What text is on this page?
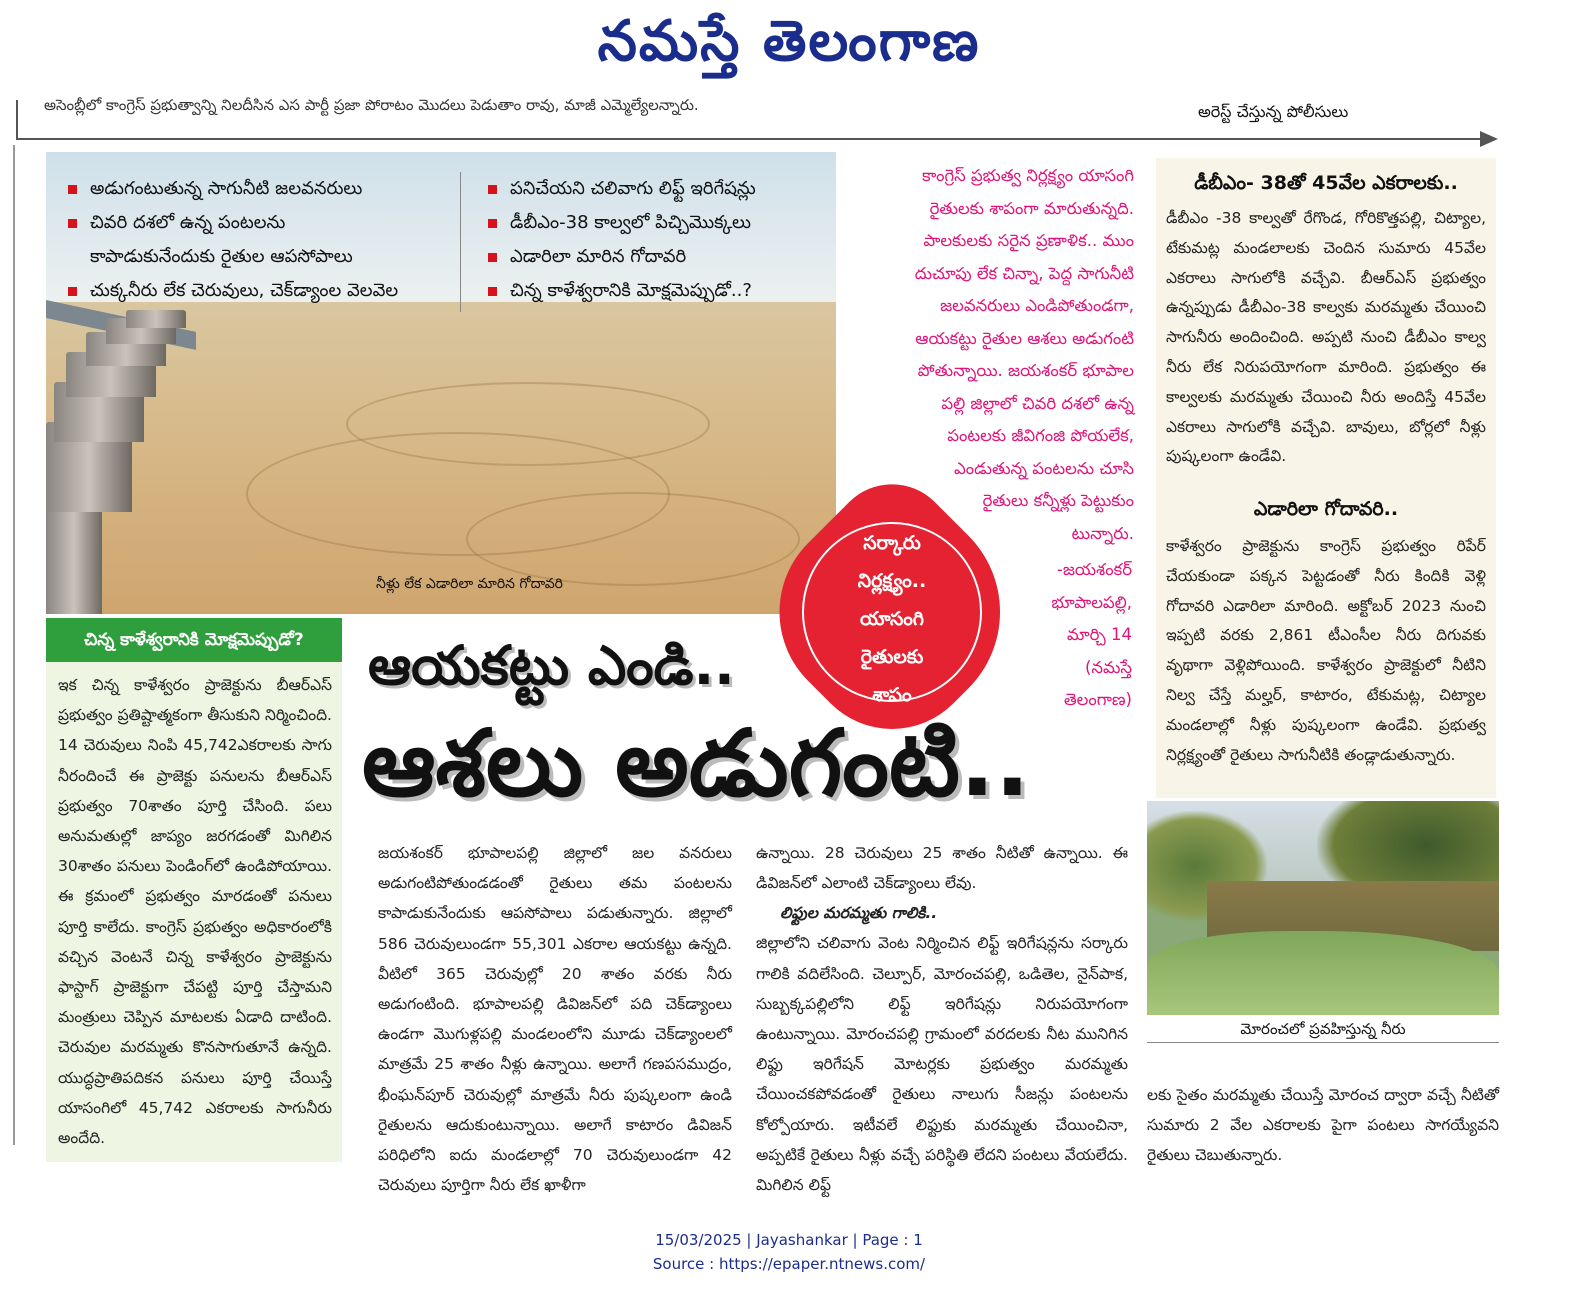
నమస్తే తెలంగాణ
అసెంబ్లీలో కాంగ్రెస్ ప్రభుత్వాన్ని నిలదీసిన ఎస పార్టీ ప్రజా పోరాటం మొదలు పెడుతాం రావు, మాజీ ఎమ్మెల్యేలన్నారు.	అరెస్ట్ చేస్తున్న పోలీసులు
అడుగంటుతున్న సాగునీటి జలవనరులు
చివరి దశలో ఉన్న పంటలను
కాపాడుకునేందుకు రైతుల ఆపసోపాలు
చుక్కనీరు లేక చెరువులు, చెక్‌డ్యాంల వెలవెల
పనిచేయని చలివాగు లిఫ్ట్ ఇరిగేషన్లు
డీబీఎం-38 కాల్వలో పిచ్చిమొక్కలు
ఎడారిలా మారిన గోదావరి
చిన్న కాళేశ్వరానికి మోక్షమెప్పుడో..?
నీళ్లు లేక ఎడారిలా మారిన గోదావరి
కాంగ్రెస్ ప్రభుత్వ నిర్లక్ష్యం యాసంగి
రైతులకు శాపంగా మారుతున్నది.
పాలకులకు సరైన ప్రణాళిక.. ముం
దుచూపు లేక చిన్నా, పెద్ద సాగునీటి
జలవనరులు ఎండిపోతుండగా,
ఆయకట్టు రైతుల ఆశలు అడుగంటి
పోతున్నాయి. జయశంకర్ భూపాల
పల్లి జిల్లాలో చివరి దశలో ఉన్న
పంటలకు జీవిగంజి పోయలేక,
ఎండుతున్న పంటలను చూసి
రైతులు కన్నీళ్లు పెట్టుకుం
టున్నారు.
-జయశంకర్
భూపాలపల్లి,
మార్చి 14
(నమస్తే
తెలంగాణ)
సర్కారు
నిర్లక్ష్యం..
యాసంగి
రైతులకు
శాపం
ఆయకట్టు ఎండి..
ఆశలు అడుగంటి..
డీబీఎం- 38తో 45వేల ఎకరాలకు..
డీబీఎం -38 కాల్వతో రేగొండ, గోరికొత్తపల్లి, చిట్యాల, టేకుమట్ల మండలాలకు చెందిన సుమారు 45వేల ఎకరాలు సాగులోకి వచ్చేవి. బీఆర్‌ఎస్ ప్రభుత్వం ఉన్నప్పుడు డీబీఎం-38 కాల్వకు మరమ్మతు చేయించి సాగునీరు అందించింది. అప్పటి నుంచి డీబీఎం కాల్వ నీరు లేక నిరుపయోగంగా మారింది. ప్రభుత్వం ఈ కాల్వలకు మరమ్మతు చేయించి నీరు అందిస్తే 45వేల ఎకరాలు సాగులోకి వచ్చేవి. బావులు, బోర్లలో నీళ్లు పుష్కలంగా ఉండేవి.
ఎడారిలా గోదావరి..
కాళేశ్వరం ప్రాజెక్టును కాంగ్రెస్ ప్రభుత్వం రిపేర్ చేయకుండా పక్కన పెట్టడంతో నీరు కిందికి వెళ్లి గోదావరి ఎడారిలా మారింది. అక్టోబర్ 2023 నుంచి ఇప్పటి వరకు 2,861 టీఎంసీల నీరు దిగువకు వృథాగా వెళ్లిపోయింది. కాళేశ్వరం ప్రాజెక్టులో నీటిని నిల్వ చేస్తే మల్హర్, కాటారం, టేకుమట్ల, చిట్యాల మండలాల్లో నీళ్లు పుష్కలంగా ఉండేవి. ప్రభుత్వ నిర్లక్ష్యంతో రైతులు సాగునీటికి తండ్లాడుతున్నారు.
చిన్న కాళేశ్వరానికి మోక్షమెప్పుడో?
ఇక చిన్న కాళేశ్వరం ప్రాజెక్టును బీఆర్‌ఎస్ ప్రభుత్వం ప్రతిష్టాత్మకంగా తీసుకుని నిర్మించింది. 14 చెరువులు నింపి 45,742ఎకరాలకు సాగు నీరందించే ఈ ప్రాజెక్టు పనులను బీఆర్‌ఎస్ ప్రభుత్వం 70శాతం పూర్తి చేసింది. పలు అనుమతుల్లో జాప్యం జరగడంతో మిగిలిన 30శాతం పనులు పెండింగ్‌లో ఉండిపోయాయి. ఈ క్రమంలో ప్రభుత్వం మారడంతో పనులు పూర్తి కాలేదు. కాంగ్రెస్ ప్రభుత్వం అధికారంలోకి వచ్చిన వెంటనే చిన్న కాళేశ్వరం ప్రాజెక్టును ఫాస్టాగ్ ప్రాజెక్టుగా చేపట్టి పూర్తి చేస్తామని మంత్రులు చెప్పిన మాటలకు ఏడాది దాటింది. చెరువుల మరమ్మతు కొనసాగుతూనే ఉన్నది. యుద్ధప్రాతిపదికన పనులు పూర్తి చేయిస్తే యాసంగిలో 45,742 ఎకరాలకు సాగునీరు అందేది.
జయశంకర్ భూపాలపల్లి జిల్లాలో జల వనరులు అడుగంటిపోతుండడంతో రైతులు తమ పంటలను కాపాడుకునేందుకు ఆపసోపాలు పడుతున్నారు. జిల్లాలో 586 చెరువులుండగా 55,301 ఎకరాల ఆయకట్టు ఉన్నది. వీటిలో 365 చెరువుల్లో 20 శాతం వరకు నీరు అడుగంటింది. భూపాలపల్లి డివిజన్‌లో పది చెక్‌డ్యాంలు ఉండగా మొగుళ్లపల్లి మండలంలోని మూడు చెక్‌డ్యాంలలో మాత్రమే 25 శాతం నీళ్లు ఉన్నాయి. అలాగే గణపసముద్రం, భీంఘన్‌పూర్ చెరువుల్లో మాత్రమే నీరు పుష్కలంగా ఉండి రైతులను ఆదుకుంటున్నాయి. అలాగే కాటారం డివిజన్ పరిధిలోని ఐదు మండలాల్లో 70 చెరువులుండగా 42 చెరువులు పూర్తిగా నీరు లేక ఖాళీగా
ఉన్నాయి. 28 చెరువులు 25 శాతం నీటితో ఉన్నాయి. ఈ డివిజన్‌లో ఎలాంటి చెక్‌డ్యాంలు లేవు.
లిఫ్టుల మరమ్మతు గాలికి..
జిల్లాలోని చలివాగు వెంట నిర్మించిన లిఫ్ట్ ఇరిగేషన్లను సర్కారు గాలికి వదిలేసింది. చెల్పూర్, మోరంచపల్లి, ఒడితెల, నైన్‌పాక, సుబ్బక్కపల్లిలోని లిఫ్ట్ ఇరిగేషన్లు నిరుపయోగంగా ఉంటున్నాయి. మోరంచపల్లి గ్రామంలో వరదలకు నీట మునిగిన లిఫ్టు ఇరిగేషన్ మోటర్లకు ప్రభుత్వం మరమ్మతు చేయించకపోవడంతో రైతులు నాలుగు సీజన్లు పంటలను కోల్పోయారు. ఇటీవలే లిఫ్టుకు మరమ్మతు చేయించినా, అప్పటికే రైతులు నీళ్లు వచ్చే పరిస్థితి లేదని పంటలు వేయలేదు. మిగిలిన లిఫ్ట్
మోరంచలో ప్రవహిస్తున్న నీరు
లకు సైతం మరమ్మతు చేయిస్తే మోరంచ ద్వారా వచ్చే నీటితో సుమారు 2 వేల ఎకరాలకు పైగా పంటలు సాగయ్యేవని రైతులు చెబుతున్నారు.
15/03/2025 | Jayashankar | Page : 1
Source : https://epaper.ntnews.com/
